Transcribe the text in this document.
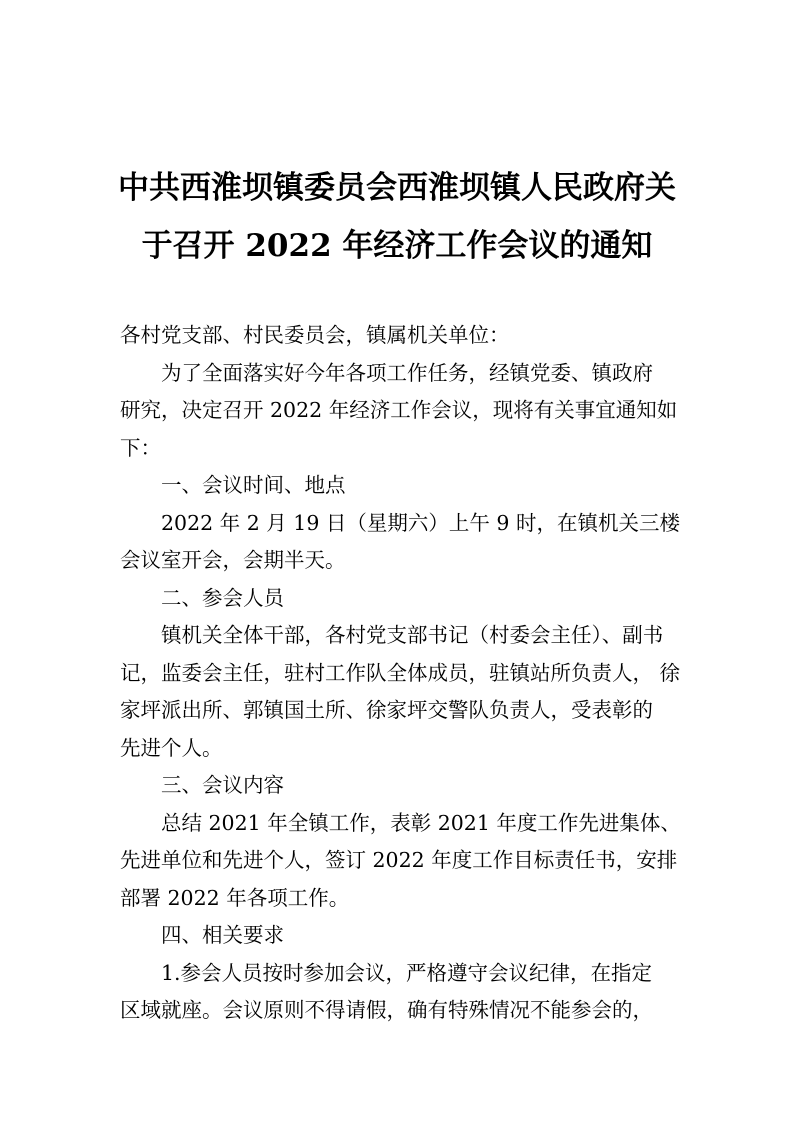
中共西淮坝镇委员会西淮坝镇人民政府关
于召开 2022 年经济工作会议的通知
各村党支部、村民委员会，镇属机关单位：
为了全面落实好今年各项工作任务，经镇党委、镇政府
研究，决定召开 2022 年经济工作会议，现将有关事宜通知如
下：
一、会议时间、地点
2022 年 2 月 19 日（星期六）上午 9 时，在镇机关三楼
会议室开会，会期半天。
二、参会人员
镇机关全体干部，各村党支部书记（村委会主任）、副书
记，监委会主任，驻村工作队全体成员，驻镇站所负责人， 徐
家坪派出所、郭镇国土所、徐家坪交警队负责人，受表彰的
先进个人。
三、会议内容
总结 2021 年全镇工作，表彰 2021 年度工作先进集体、
先进单位和先进个人，签订 2022 年度工作目标责任书，安排
部署 2022 年各项工作。
四、相关要求
1.参会人员按时参加会议，严格遵守会议纪律，在指定
区域就座。会议原则不得请假，确有特殊情况不能参会的，
